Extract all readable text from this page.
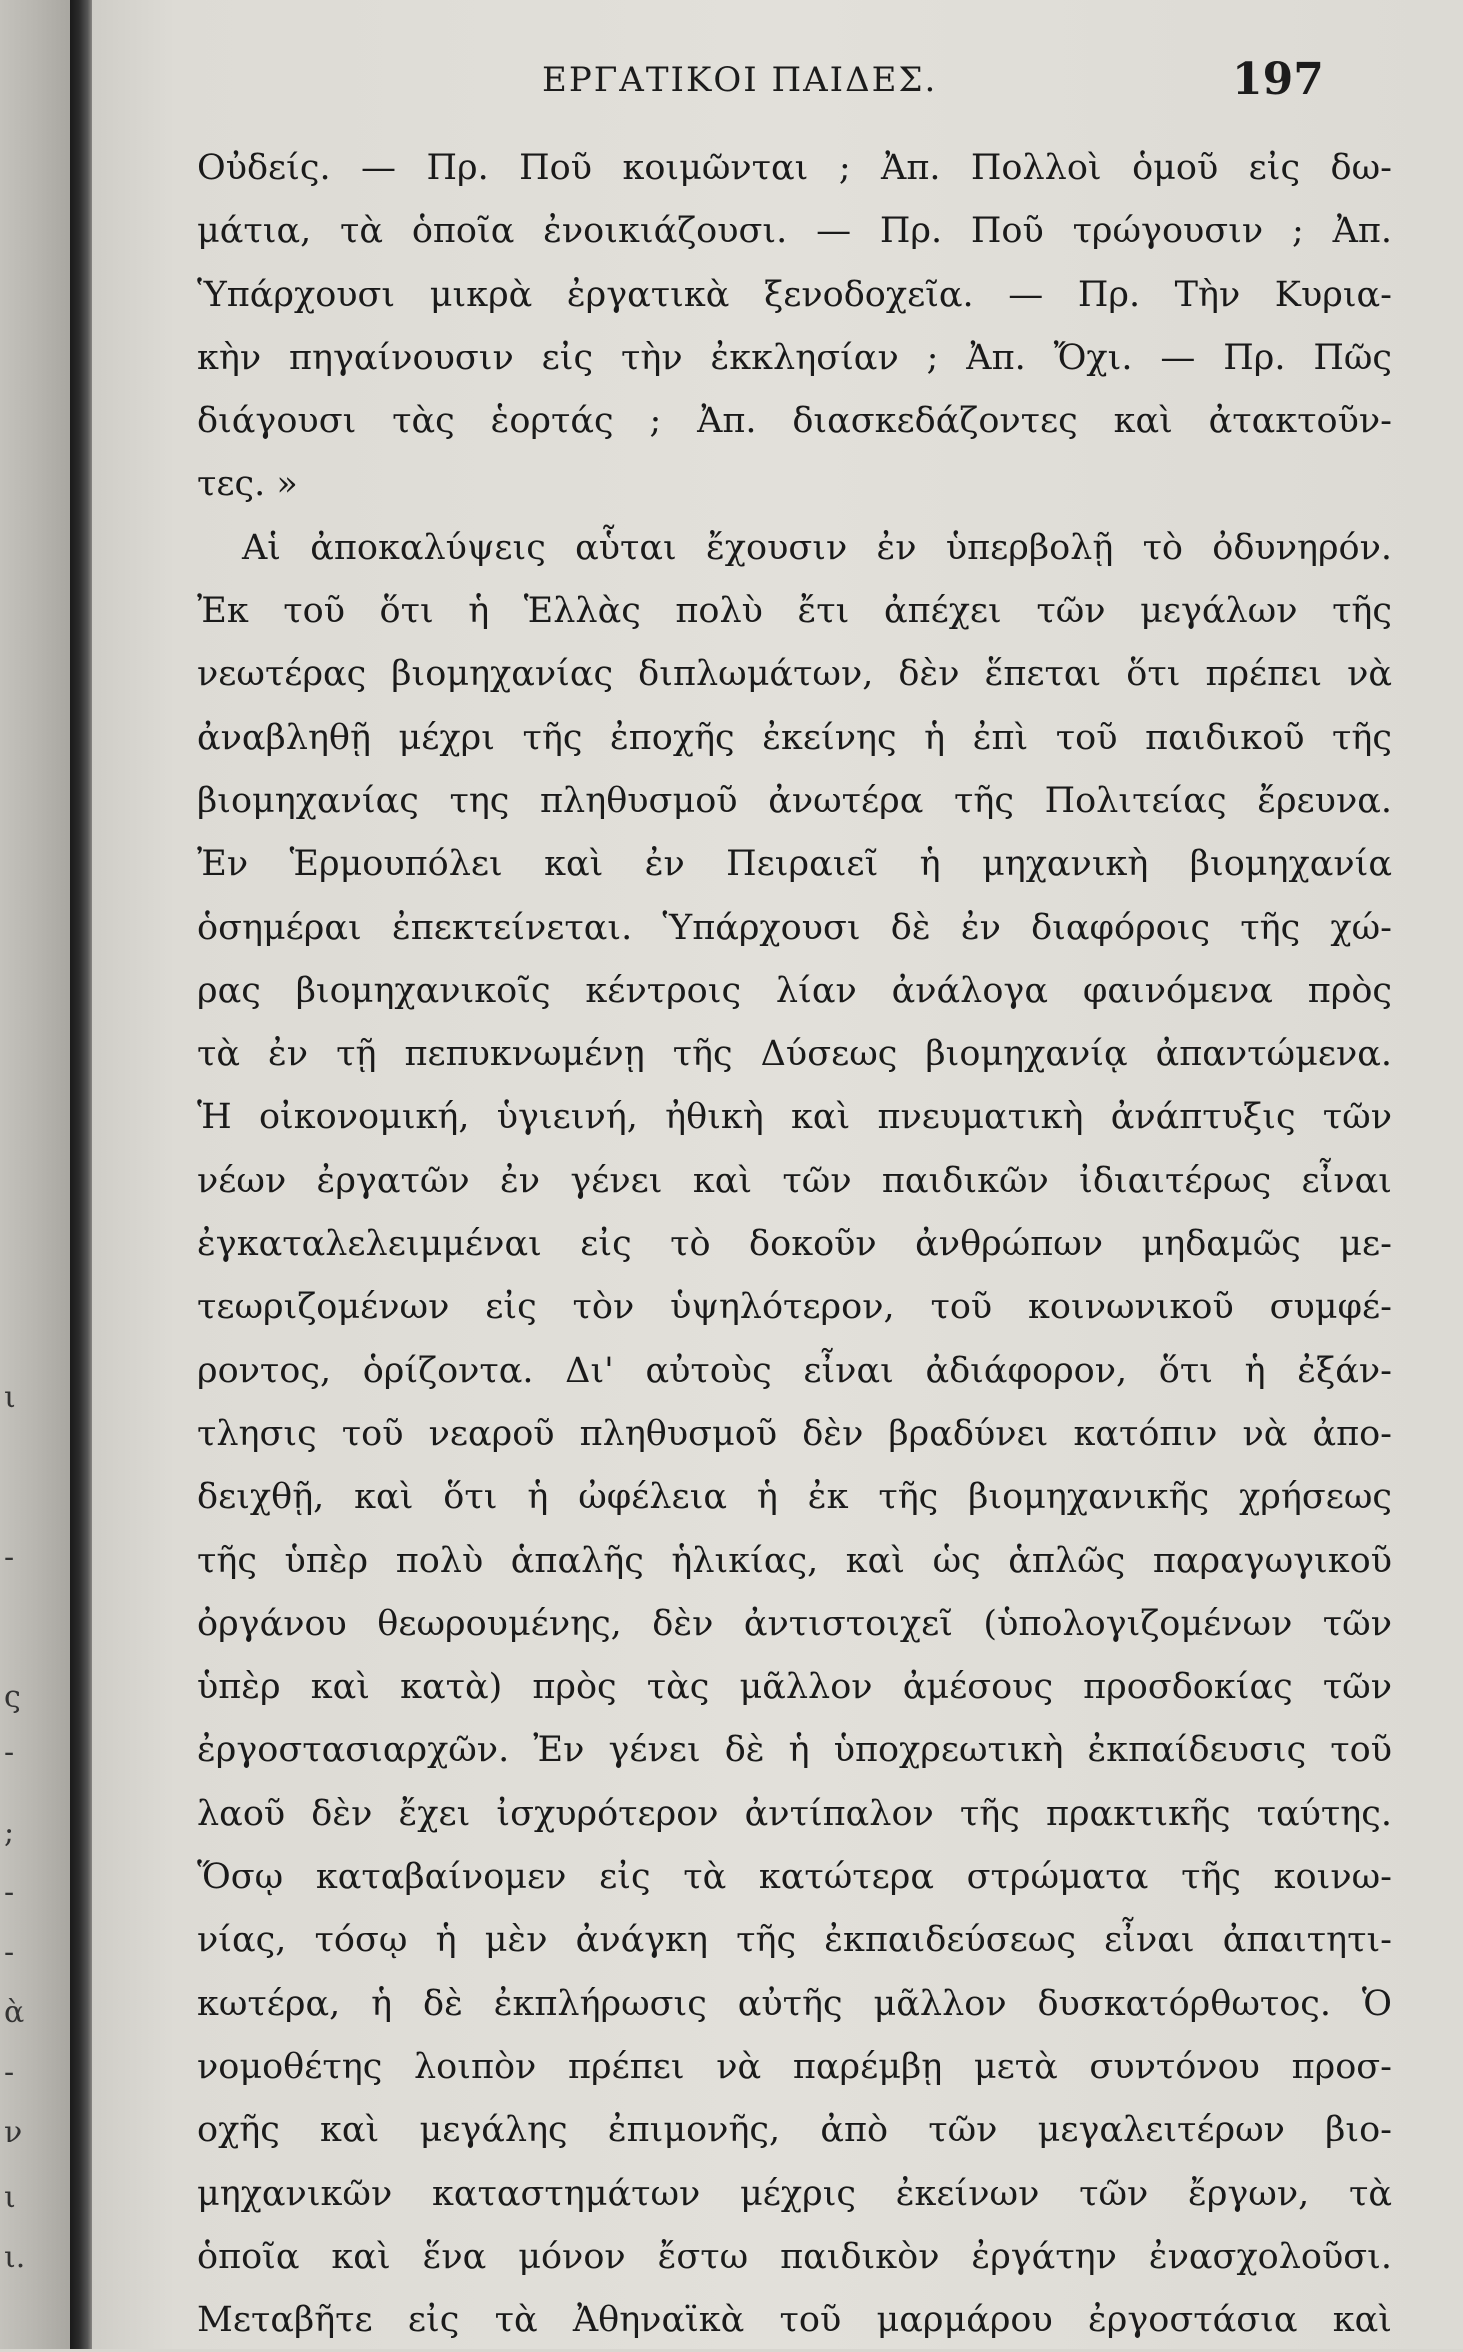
ι
-
ς
-
;
-
-
ὰ
-
ν
ι
ι.
ΕΡΓΑΤΙΚΟΙ ΠΑΙΔΕΣ.	197
Οὐδείς. — Πρ. Ποῦ κοιμῶνται ; Ἀπ. Πολλοὶ ὁμοῦ εἰς δω-
μάτια, τὰ ὁποῖα ἐνοικιάζουσι. — Πρ. Ποῦ τρώγουσιν ; Ἀπ.
Ὑπάρχουσι μικρὰ ἐργατικὰ ξενοδοχεῖα. — Πρ. Τὴν Κυρια-
κὴν πηγαίνουσιν εἰς τὴν ἐκκλησίαν ; Ἀπ. Ὄχι. — Πρ. Πῶς
διάγουσι τὰς ἑορτάς ; Ἀπ. διασκεδάζοντες καὶ ἀτακτοῦν-
τες. »
Αἱ ἀποκαλύψεις αὗται ἔχουσιν ἐν ὑπερβολῇ τὸ ὀδυνηρόν.
Ἐκ τοῦ ὅτι ἡ Ἑλλὰς πολὺ ἔτι ἀπέχει τῶν μεγάλων τῆς
νεωτέρας βιομηχανίας διπλωμάτων, δὲν ἕπεται ὅτι πρέπει νὰ
ἀναβληθῇ μέχρι τῆς ἐποχῆς ἐκείνης ἡ ἐπὶ τοῦ παιδικοῦ τῆς
βιομηχανίας της πληθυσμοῦ ἀνωτέρα τῆς Πολιτείας ἔρευνα.
Ἐν Ἑρμουπόλει καὶ ἐν Πειραιεῖ ἡ μηχανικὴ βιομηχανία
ὁσημέραι ἐπεκτείνεται. Ὑπάρχουσι δὲ ἐν διαφόροις τῆς χώ-
ρας βιομηχανικοῖς κέντροις λίαν ἀνάλογα φαινόμενα πρὸς
τὰ ἐν τῇ πεπυκνωμένῃ τῆς Δύσεως βιομηχανίᾳ ἀπαντώμενα.
Ἡ οἰκονομική, ὑγιεινή, ἠθικὴ καὶ πνευματικὴ ἀνάπτυξις τῶν
νέων ἐργατῶν ἐν γένει καὶ τῶν παιδικῶν ἰδιαιτέρως εἶναι
ἐγκαταλελειμμέναι εἰς τὸ δοκοῦν ἀνθρώπων μηδαμῶς με-
τεωριζομένων εἰς τὸν ὑψηλότερον, τοῦ κοινωνικοῦ συμφέ-
ροντος, ὁρίζοντα. Δι' αὐτοὺς εἶναι ἀδιάφορον, ὅτι ἡ ἐξάν-
τλησις τοῦ νεαροῦ πληθυσμοῦ δὲν βραδύνει κατόπιν νὰ ἀπο-
δειχθῇ, καὶ ὅτι ἡ ὠφέλεια ἡ ἐκ τῆς βιομηχανικῆς χρήσεως
τῆς ὑπὲρ πολὺ ἁπαλῆς ἡλικίας, καὶ ὡς ἁπλῶς παραγωγικοῦ
ὀργάνου θεωρουμένης, δὲν ἀντιστοιχεῖ (ὑπολογιζομένων τῶν
ὑπὲρ καὶ κατὰ) πρὸς τὰς μᾶλλον ἀμέσους προσδοκίας τῶν
ἐργοστασιαρχῶν. Ἐν γένει δὲ ἡ ὑποχρεωτικὴ ἐκπαίδευσις τοῦ
λαοῦ δὲν ἔχει ἰσχυρότερον ἀντίπαλον τῆς πρακτικῆς ταύτης.
Ὅσῳ καταβαίνομεν εἰς τὰ κατώτερα στρώματα τῆς κοινω-
νίας, τόσῳ ἡ μὲν ἀνάγκη τῆς ἐκπαιδεύσεως εἶναι ἀπαιτητι-
κωτέρα, ἡ δὲ ἐκπλήρωσις αὐτῆς μᾶλλον δυσκατόρθωτος. Ὁ
νομοθέτης λοιπὸν πρέπει νὰ παρέμβῃ μετὰ συντόνου προσ-
οχῆς καὶ μεγάλης ἐπιμονῆς, ἀπὸ τῶν μεγαλειτέρων βιο-
μηχανικῶν καταστημάτων μέχρις ἐκείνων τῶν ἔργων, τὰ
ὁποῖα καὶ ἕνα μόνον ἔστω παιδικὸν ἐργάτην ἐνασχολοῦσι.
Μεταβῆτε εἰς τὰ Ἀθηναϊκὰ τοῦ μαρμάρου ἐργοστάσια καὶ
